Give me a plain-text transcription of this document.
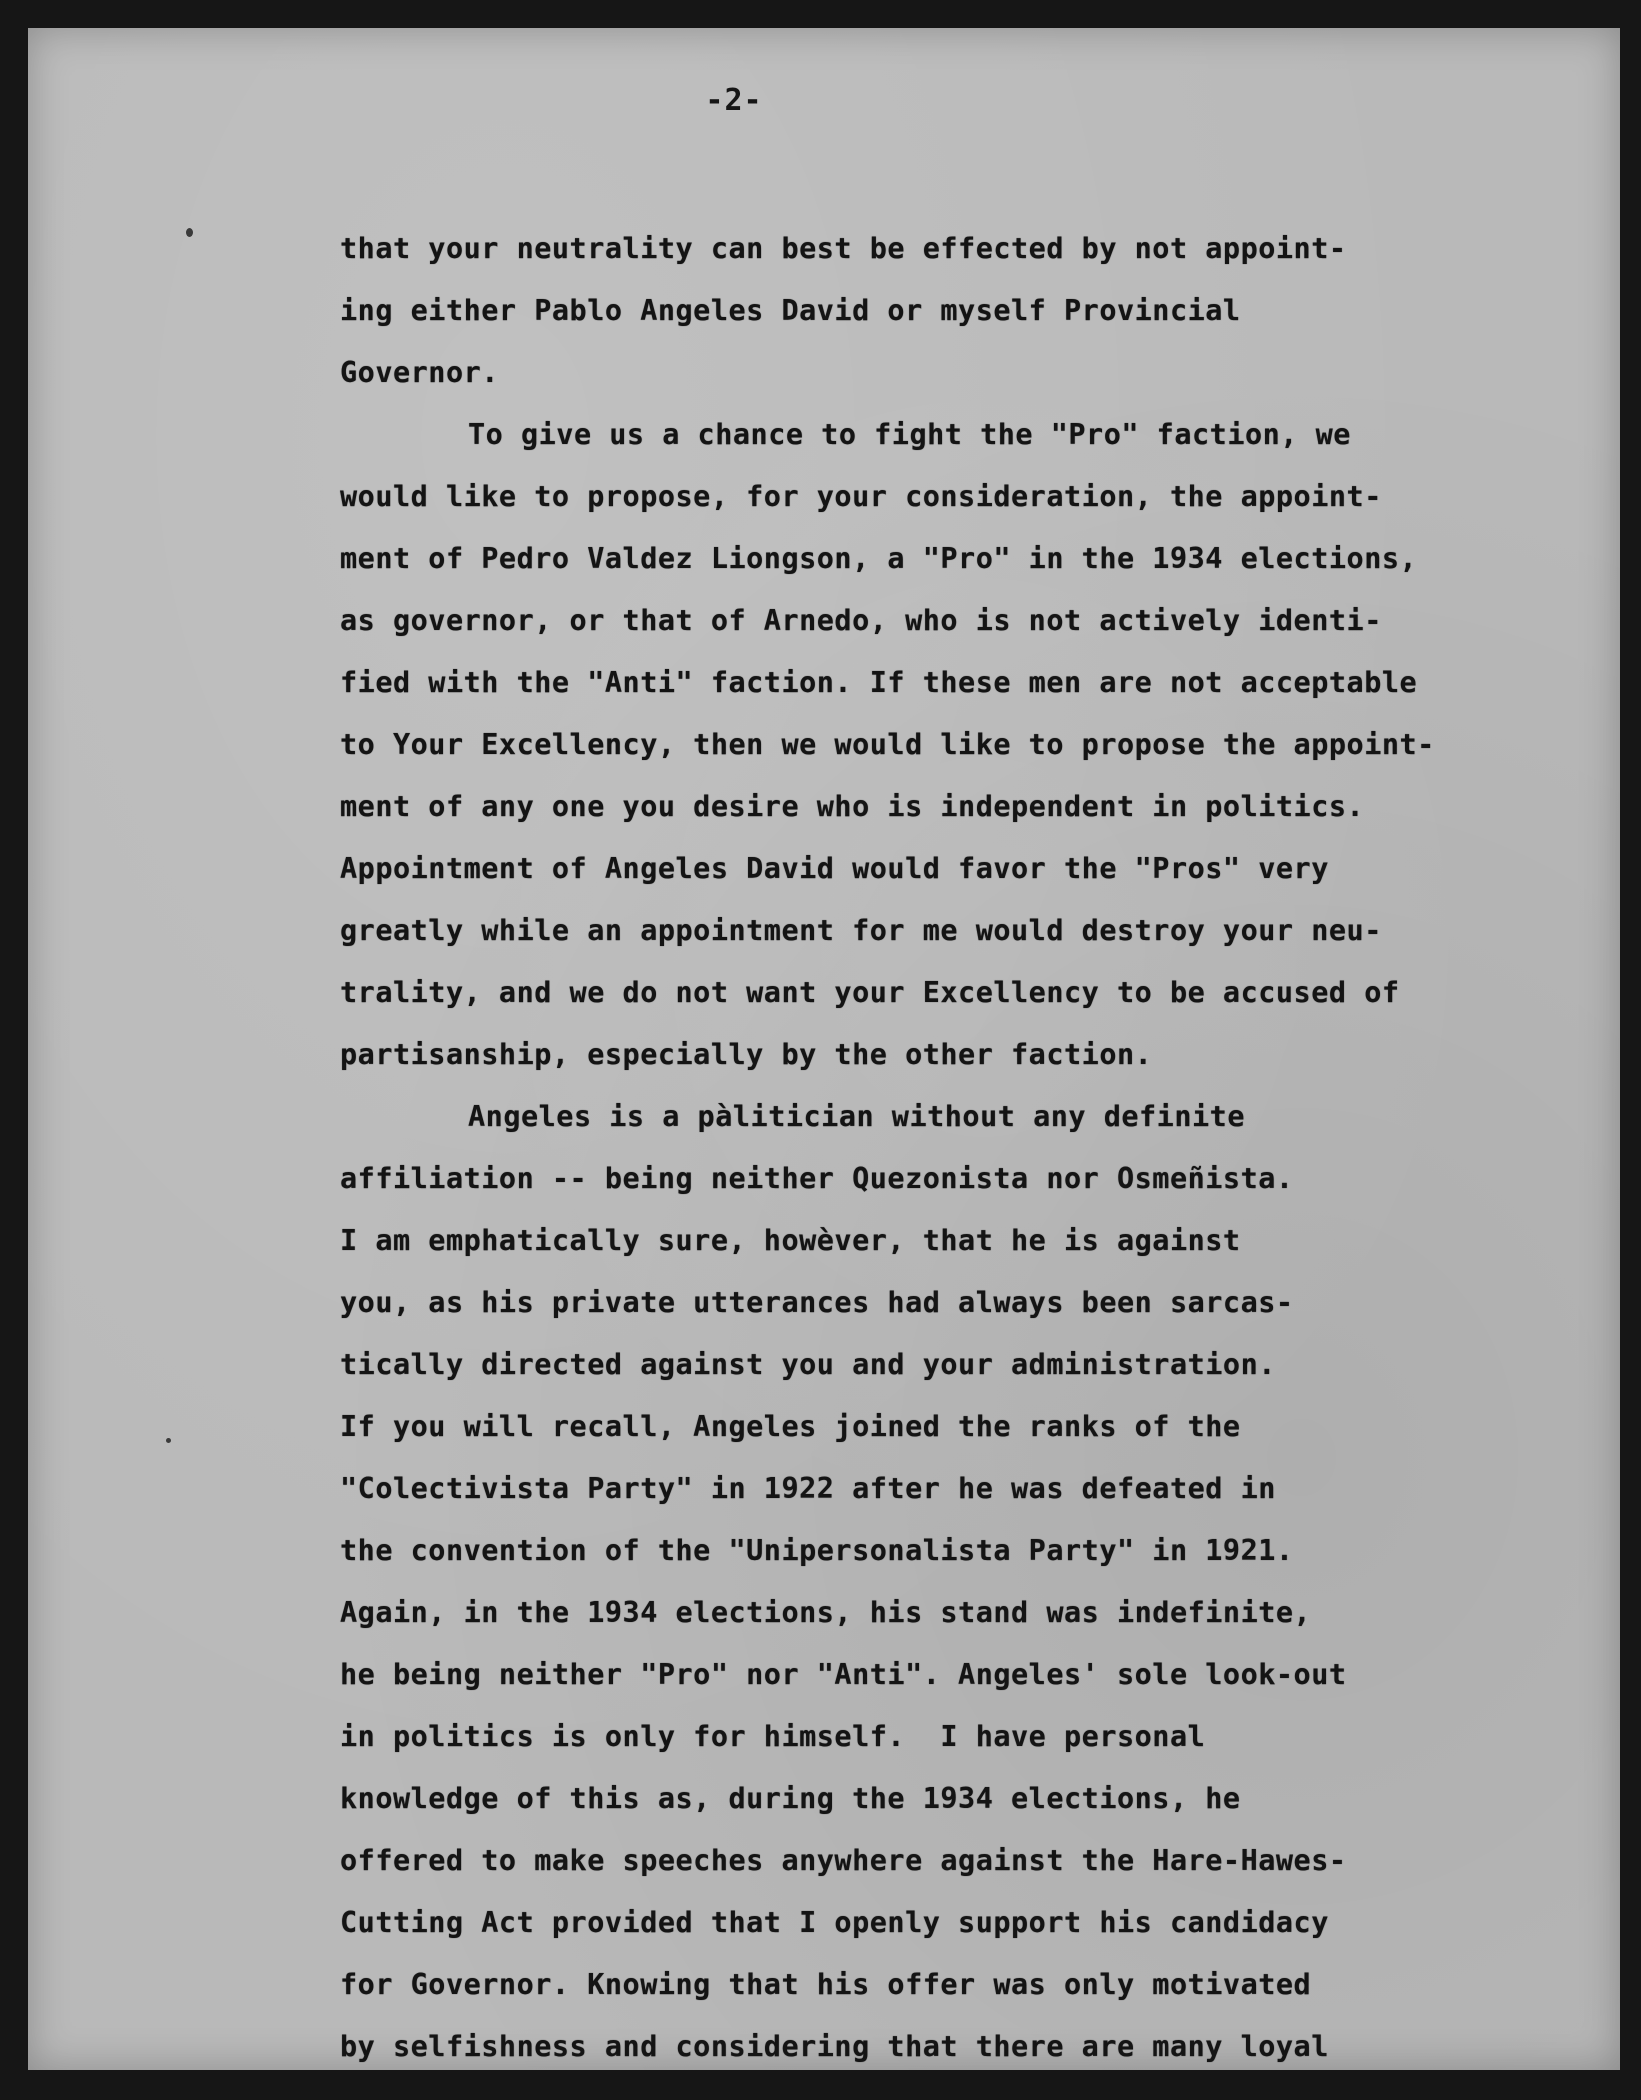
-2-
that your neutrality can best be effected by not appoint-
ing either Pablo Angeles David or myself Provincial
Governor.
To give us a chance to fight the "Pro" faction, we
would like to propose, for your consideration, the appoint-
ment of Pedro Valdez Liongson, a "Pro" in the 1934 elections,
as governor, or that of Arnedo, who is not actively identi-
fied with the "Anti" faction. If these men are not acceptable
to Your Excellency, then we would like to propose the appoint-
ment of any one you desire who is independent in politics.
Appointment of Angeles David would favor the "Pros" very
greatly while an appointment for me would destroy your neu-
trality, and we do not want your Excellency to be accused of
partisanship, especially by the other faction.
Angeles is a pàlitician without any definite
affiliation -- being neither Quezonista nor Osmeñista.
I am emphatically sure, howèver, that he is against
you, as his private utterances had always been sarcas-
tically directed against you and your administration.
If you will recall, Angeles joined the ranks of the
"Colectivista Party" in 1922 after he was defeated in
the convention of the "Unipersonalista Party" in 1921.
Again, in the 1934 elections, his stand was indefinite,
he being neither "Pro" nor "Anti". Angeles' sole look-out
in politics is only for himself.  I have personal
knowledge of this as, during the 1934 elections, he
offered to make speeches anywhere against the Hare-Hawes-
Cutting Act provided that I openly support his candidacy
for Governor. Knowing that his offer was only motivated
by selfishness and considering that there are many loyal
